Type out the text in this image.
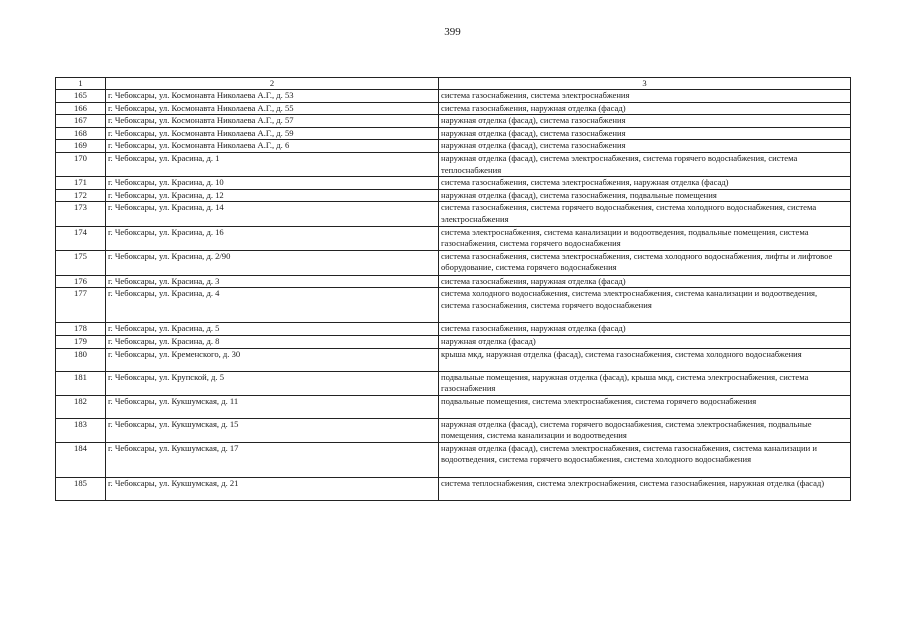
399
1	2	3
165	г. Чебоксары, ул. Космонавта Николаева А.Г., д. 53	система газоснабжения, система электроснабжения
166	г. Чебоксары, ул. Космонавта Николаева А.Г., д. 55	система газоснабжения, наружная отделка (фасад)
167	г. Чебоксары, ул. Космонавта Николаева А.Г., д. 57	наружная отделка (фасад), система газоснабжения
168	г. Чебоксары, ул. Космонавта Николаева А.Г., д. 59	наружная отделка (фасад), система газоснабжения
169	г. Чебоксары, ул. Космонавта Николаева А.Г., д. 6	наружная отделка (фасад), система газоснабжения
170	г. Чебоксары, ул. Красина, д. 1	наружная отделка (фасад), система электроснабжения, система горячего водоснабжения, система теплоснабжения
171	г. Чебоксары, ул. Красина, д. 10	система газоснабжения, система электроснабжения, наружная отделка (фасад)
172	г. Чебоксары, ул. Красина, д. 12	наружная отделка (фасад), система газоснабжения, подвальные помещения
173	г. Чебоксары, ул. Красина, д. 14	система газоснабжения, система горячего водоснабжения, система холодного водоснабжения, система электроснабжения
174	г. Чебоксары, ул. Красина, д. 16	система электроснабжения, система канализации и водоотведения, подвальные помещения, система газоснабжения, система горячего водоснабжения
175	г. Чебоксары, ул. Красина, д. 2/90	система газоснабжения, система электроснабжения, система холодного водоснабжения, лифты и лифтовое оборудование, система горячего водоснабжения
176	г. Чебоксары, ул. Красина, д. 3	система газоснабжения, наружная отделка (фасад)
177	г. Чебоксары, ул. Красина, д. 4	система холодного водоснабжения, система электроснабжения, система канализации и водоотведения, система газоснабжения, система горячего водоснабжения
178	г. Чебоксары, ул. Красина, д. 5	система газоснабжения, наружная отделка (фасад)
179	г. Чебоксары, ул. Красина, д. 8	наружная отделка (фасад)
180	г. Чебоксары, ул. Кременского, д. 30	крыша мкд, наружная отделка (фасад), система газоснабжения, система холодного водоснабжения
181	г. Чебоксары, ул. Крупской, д. 5	подвальные помещения, наружная отделка (фасад), крыша мкд, система электроснабжения, система газоснабжения
182	г. Чебоксары, ул. Кукшумская, д. 11	подвальные помещения, система электроснабжения, система горячего водоснабжения
183	г. Чебоксары, ул. Кукшумская, д. 15	наружная отделка (фасад), система горячего водоснабжения, система электроснабжения, подвальные помещения, система канализации и водоотведения
184	г. Чебоксары, ул. Кукшумская, д. 17	наружная отделка (фасад), система электроснабжения, система газоснабжения, система канализации и водоотведения, система горячего водоснабжения, система холодного водоснабжения
185	г. Чебоксары, ул. Кукшумская, д. 21	система теплоснабжения, система электроснабжения, система газоснабжения, наружная отделка (фасад)
